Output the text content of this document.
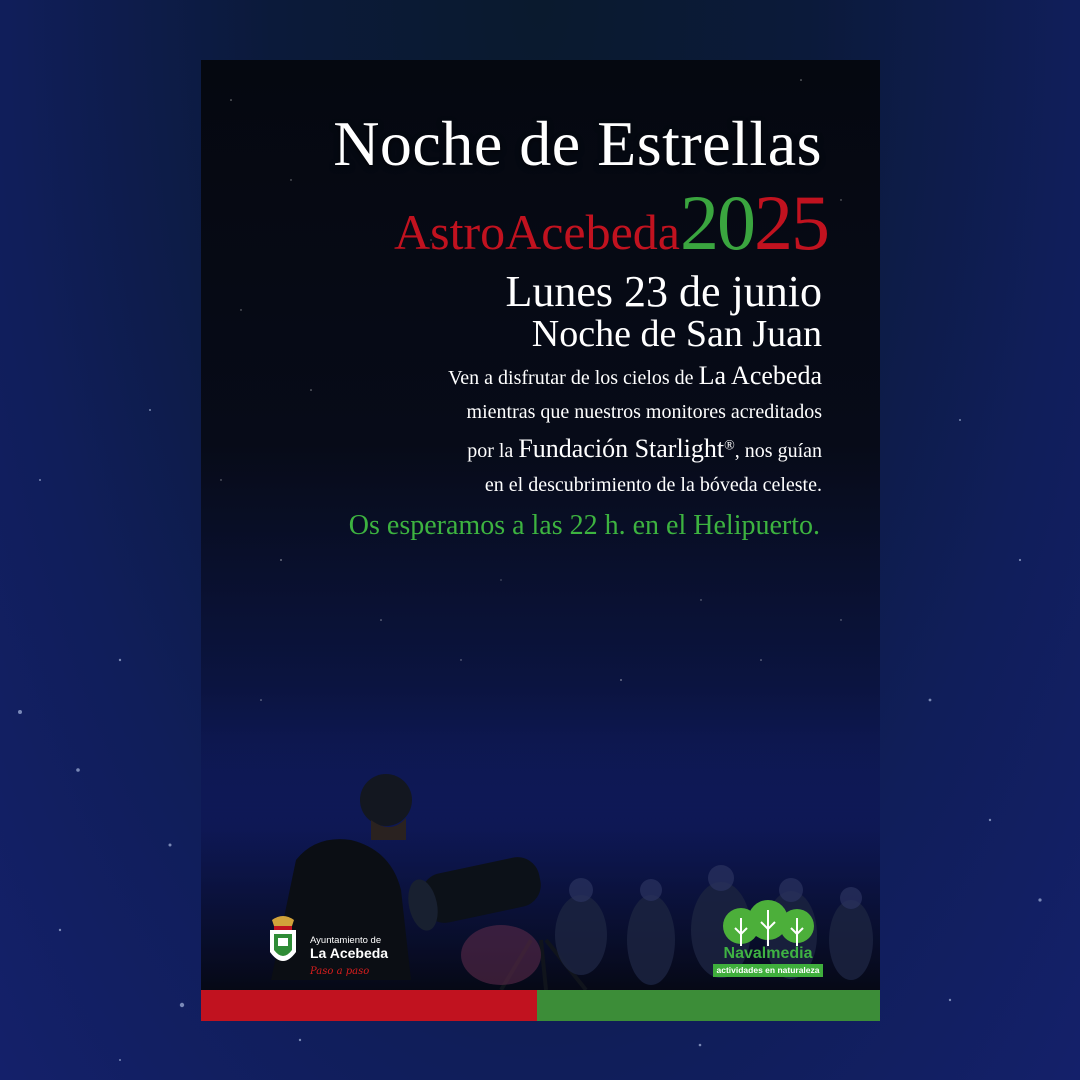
Noche de Estrellas
AstroAcebeda2025
Lunes 23 de junio
Noche de San Juan
Ven a disfrutar de los cielos de La Acebeda
mientras que nuestros monitores acreditados
por la Fundación Starlight®, nos guían
en el descubrimiento de la bóveda celeste.
Os esperamos a las 22 h. en el Helipuerto.
Ayuntamiento de
La Acebeda
Paso a paso
Navalmedia
actividades en naturaleza
